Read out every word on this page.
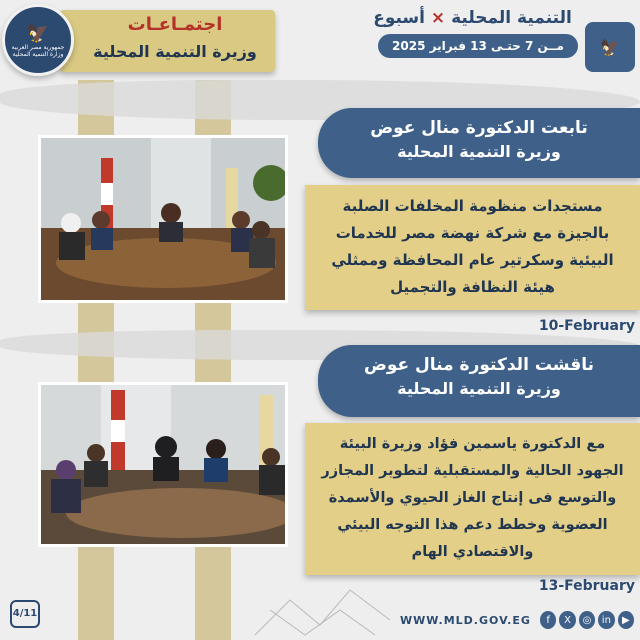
🦅
جمهورية مصر العربية
وزارة التنمية المحلية
اجتمـاعـات
وزيرة التنمية المحلية
التنمية المحلية × أسبوع
مــن 7 حتـى 13 فبراير 2025	🦅
تابعت الدكتورة منال عوض
وزيرة التنمية المحلية
مستجدات منظومة المخلفات الصلبة بالجيزة مع شركة نهضة مصر للخدمات البيئية وسكرتير عام المحافظة وممثلي هيئة النظافة والتجميل
10-February
ناقشت الدكتورة منال عوض
وزيرة التنمية المحلية
مع الدكتورة ياسمين فؤاد وزيرة البيئة الجهود الحالية والمستقبلية لتطوير المجازر والتوسع فى إنتاج الغاز الحيوي والأسمدة العضوية وخطط دعم هذا التوجه البيئي والاقتصادي الهام
13-February
4/11	WWW.MLD.GOV.EG	f	X	◎	in	▶
